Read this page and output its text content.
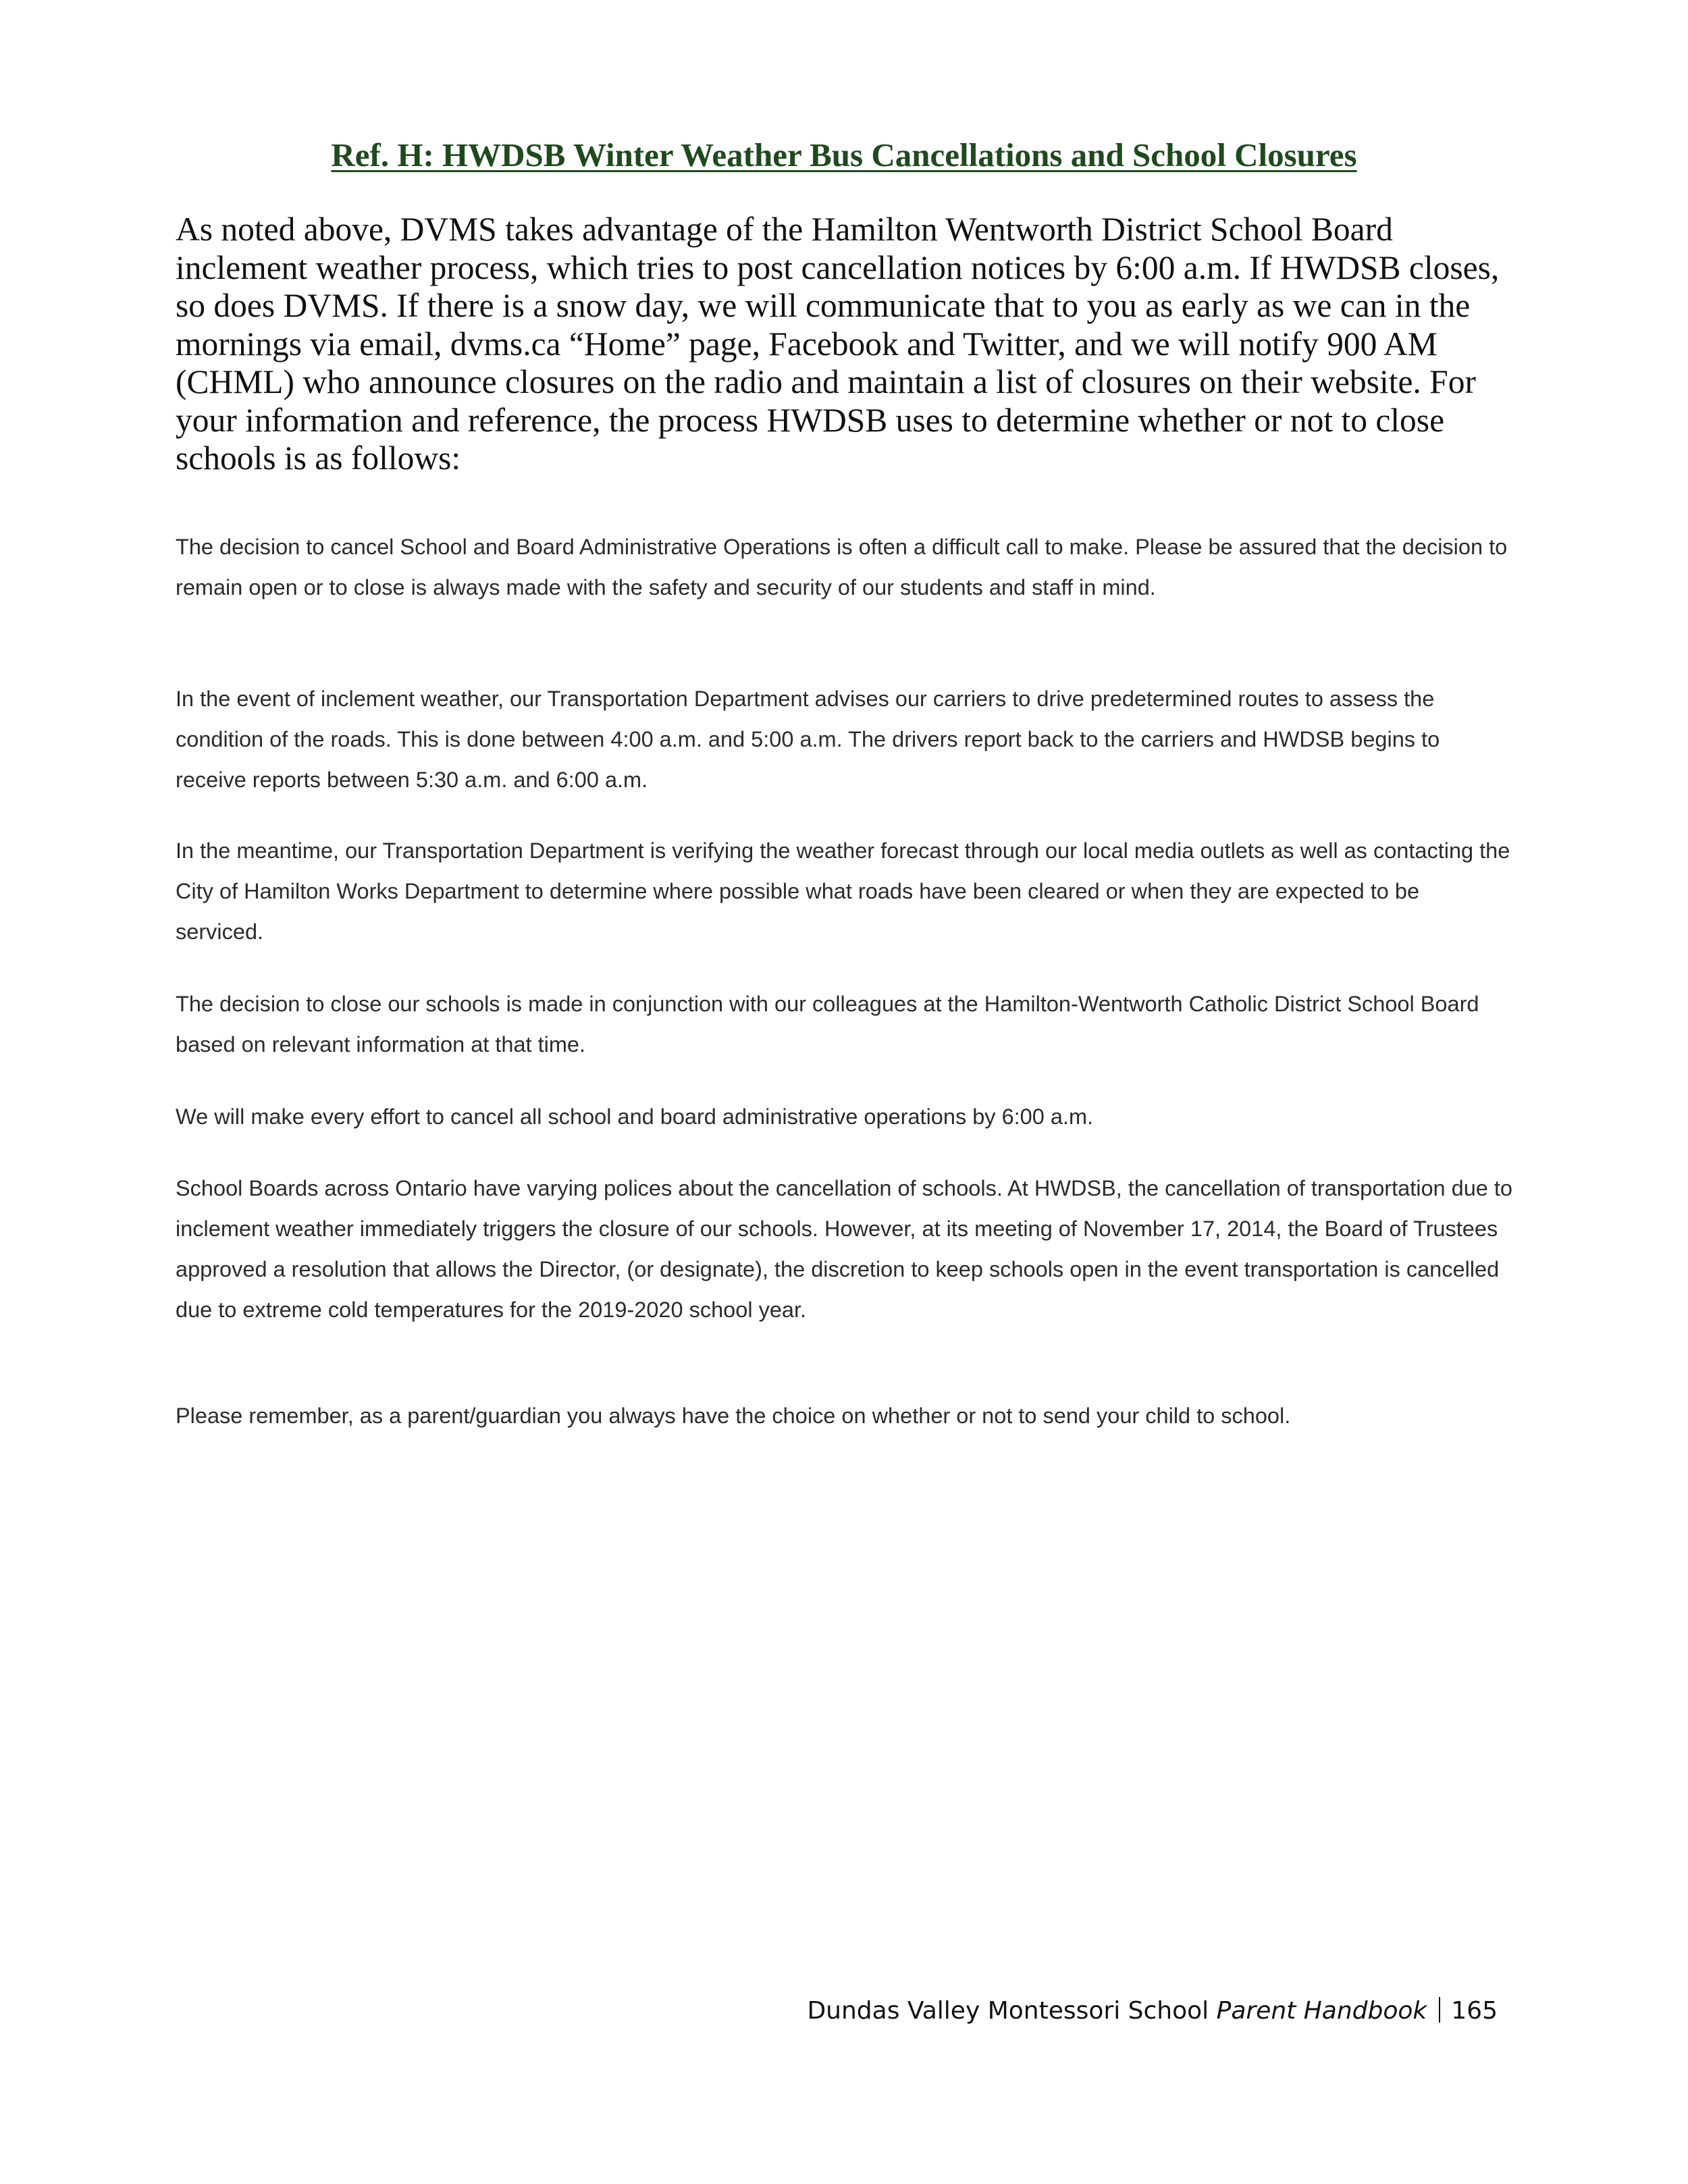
Ref. H: HWDSB Winter Weather Bus Cancellations and School Closures

As noted above, DVMS takes advantage of the Hamilton Wentworth District School Board inclement weather process, which tries to post cancellation notices by 6:00 a.m. If HWDSB closes, so does DVMS. If there is a snow day, we will communicate that to you as early as we can in the mornings via email, dvms.ca “Home” page, Facebook and Twitter, and we will notify 900 AM (CHML) who announce closures on the radio and maintain a list of closures on their website. For your information and reference, the process HWDSB uses to determine whether or not to close schools is as follows:

The decision to cancel School and Board Administrative Operations is often a difficult call to make. Please be assured that the decision to remain open or to close is always made with the safety and security of our students and staff in mind.

In the event of inclement weather, our Transportation Department advises our carriers to drive predetermined routes to assess the condition of the roads. This is done between 4:00 a.m. and 5:00 a.m. The drivers report back to the carriers and HWDSB begins to receive reports between 5:30 a.m. and 6:00 a.m.

In the meantime, our Transportation Department is verifying the weather forecast through our local media outlets as well as contacting the City of Hamilton Works Department to determine where possible what roads have been cleared or when they are expected to be serviced.

The decision to close our schools is made in conjunction with our colleagues at the Hamilton-Wentworth Catholic District School Board based on relevant information at that time.

We will make every effort to cancel all school and board administrative operations by 6:00 a.m.

School Boards across Ontario have varying polices about the cancellation of schools. At HWDSB, the cancellation of transportation due to inclement weather immediately triggers the closure of our schools. However, at its meeting of November 17, 2014, the Board of Trustees approved a resolution that allows the Director, (or designate), the discretion to keep schools open in the event transportation is cancelled due to extreme cold temperatures for the 2019-2020 school year.

Please remember, as a parent/guardian you always have the choice on whether or not to send your child to school.

Dundas Valley Montessori School Parent Handbook 165
